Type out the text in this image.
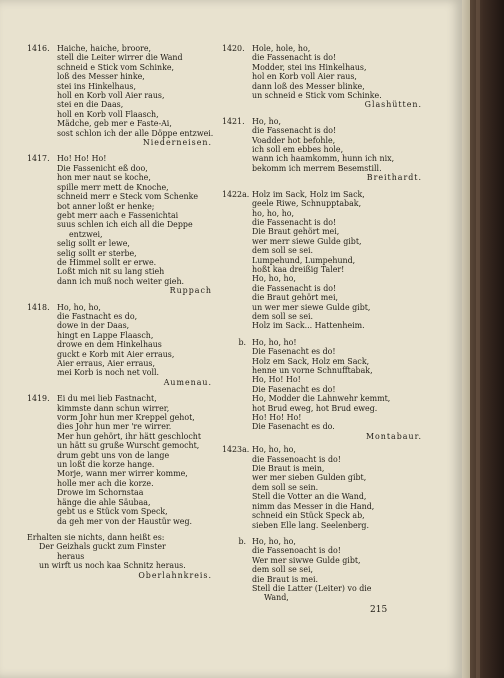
1416. Haiche, haiche, broore,
stell die Leiter wirrer die Wand
schneid e Stick vom Schinke,
loß des Messer hinke,
stei ins Hinkelhaus,
holl en Korb voll Aier raus,
stei en die Daas,
holl en Korb voll Flaasch,
Mädche, geb mer e Faste-Ai,
sost schlon ich der alle Döppe entzwei.
Niederneisen.
1417. Ho! Ho! Ho!
Die Fassenicht eß doo,
hon mer naut se koche,
spille merr mett de Knoche,
schneid merr e Steck vom Schenke
bot anner loßt er henke;
gebt merr aach e Fassenichtai
suus schlen ich eich all die Deppe
entzwei,
selig sollt er lewe,
selig sollt er sterbe,
de Himmel sollt er erwe.
Loßt mich nit su lang stieh
dann ich muß noch weiter gieh.
Ruppach
1418. Ho, ho, ho,
die Fastnacht es do,
dowe in der Daas,
hingt en Lappe Flaasch,
drowe en dem Hinkelhaus
guckt e Korb mit Aier erraus,
Aier erraus, Aier erraus,
mei Korb is noch net voll.
Aumenau.
1419. Ei du mei lieb Fastnacht,
kimmste dann schun wirrer,
vorm Johr hun mer Kreppel gehot,
dies Johr hun mer 're wirrer.
Mer hun gehört, ihr hätt geschlocht
un hätt su gruße Wurscht gemocht,
drum gebt uns von de lange
un loßt die korze hange.
Morje, wann mer wirrer komme,
holle mer ach die korze.
Drowe im Schornstaa
hänge die ahle Säubaa,
gebt us e Stück vom Speck,
da geh mer von der Haustür weg.
Erhalten sie nichts, dann heißt es:
Der Geizhals guckt zum Finster
heraus
un wirft us noch kaa Schnitz heraus.
Oberlahnkreis.
1420. Hole, hole, ho,
die Fassenacht is do!
Modder, stei ins Hinkelhaus,
hol en Korb voll Aier raus,
dann loß des Messer blinke,
un schneid e Stick vom Schinke.
Glashütten.
1421. Ho, ho,
die Fassenacht is do!
Voadder hot befohle,
ich soll em ebbes hole,
wann ich haamkomm, hunn ich nix,
bekomm ich merrem Besemstill.
Breithardt.
1422a. Holz im Sack, Holz im Sack,
geele Riwe, Schnupptabak,
ho, ho, ho,
die Fassenacht is do!
Die Braut gehört mei,
wer merr siewe Gulde gibt,
dem soll se sei.
Lumpehund, Lumpehund,
hoßt kaa dreißig Taler!
Ho, ho, ho,
die Fassenacht is do!
die Braut gehört mei,
un wer mer siewe Gulde gibt,
dem soll se sei.
Holz im Sack... Hattenheim.
b. Ho, ho, ho!
Die Fasenacht es do!
Holz em Sack, Holz em Sack,
henne un vorne Schnufftabak,
Ho, Ho! Ho!
Die Fasenacht es do!
Ho, Modder die Lahnwehr kemmt,
hot Brud eweg, hot Brud eweg.
Ho! Ho! Ho!
Die Fasenacht es do.
Montabaur.
1423a. Ho, ho, ho,
die Fassenoacht is do!
Die Braut is mein,
wer mer sieben Gulden gibt,
dem soll se sein.
Stell die Votter an die Wand,
nimm das Messer in die Hand,
schneid ein Stück Speck ab,
sieben Elle lang. Seelenberg.
b. Ho, ho, ho,
die Fassenoacht is do!
Wer mer siwwe Gulde gibt,
dem soll se sei,
die Braut is mei.
Stell die Latter (Leiter) vo die
Wand,
215
